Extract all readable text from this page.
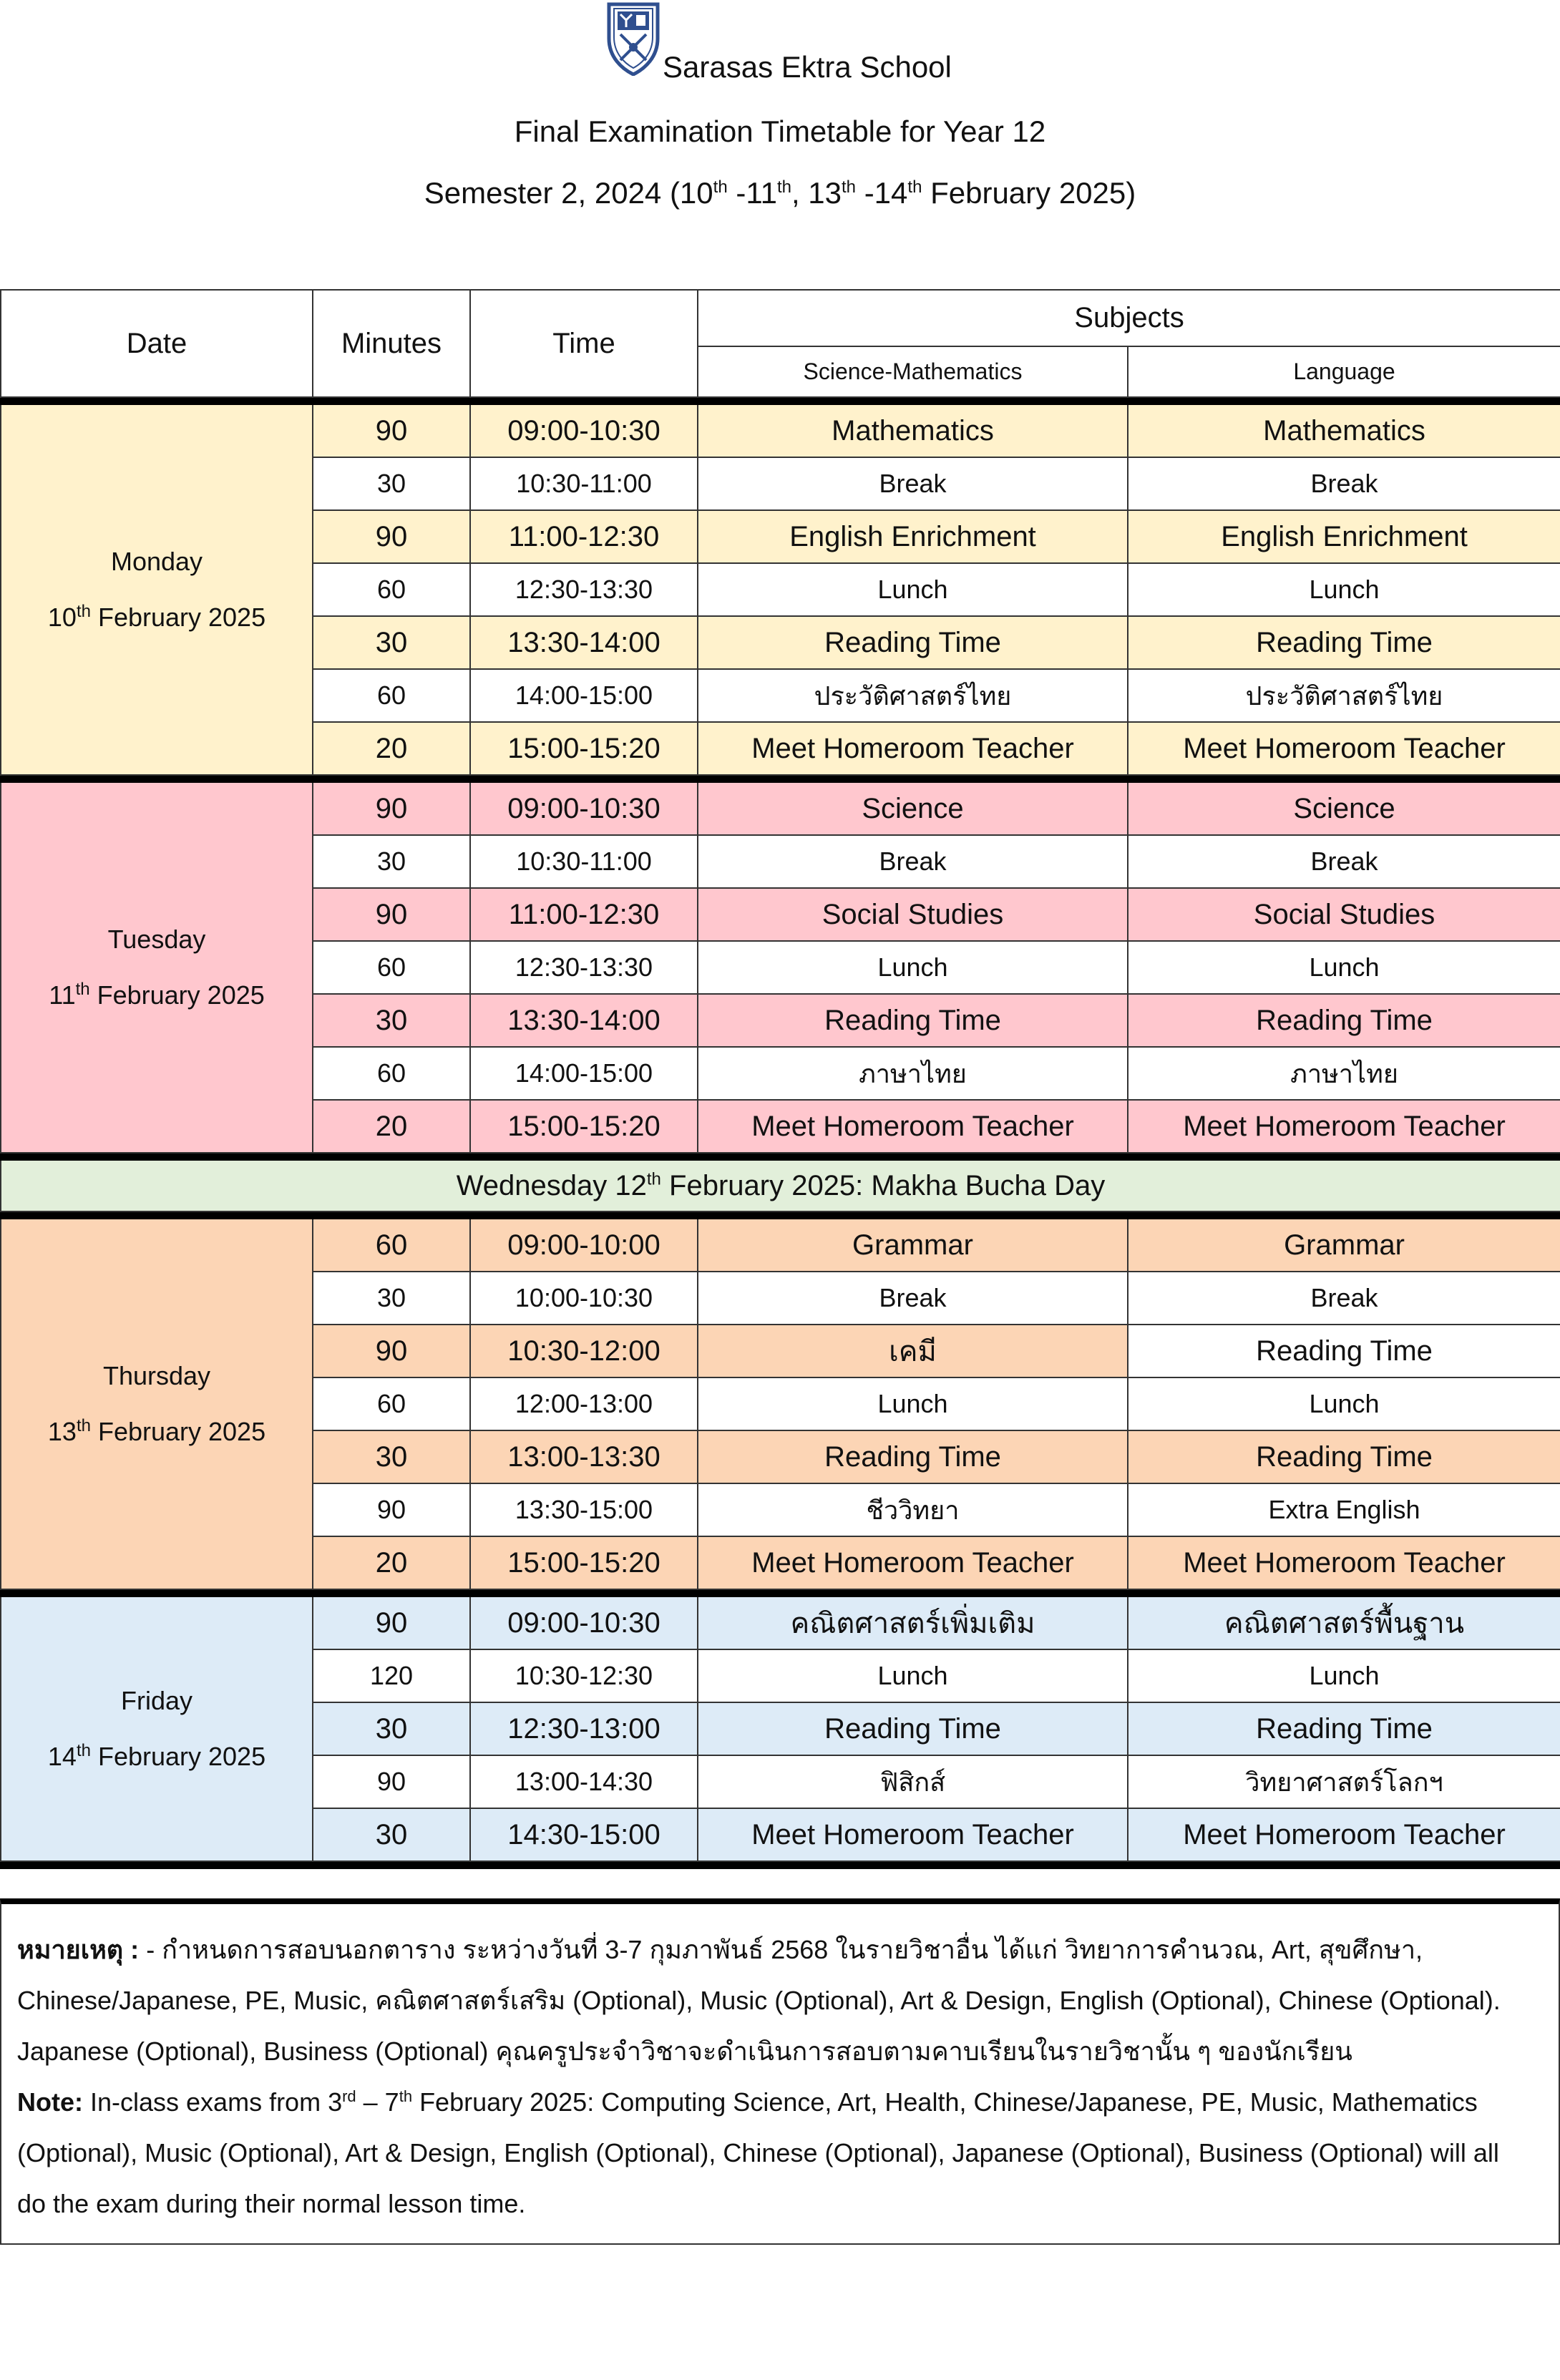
Sarasas Ektra School
Final Examination Timetable for Year 12
Semester 2, 2024 (10th -11th, 13th -14th February 2025)
Date	Minutes	Time	Subjects	
			Science-Mathematics	Language

Monday
10th February 2025	90	09:00-10:30	Mathematics	Mathematics
	30	10:30-11:00	Break	Break
	90	11:00-12:30	English Enrichment	English Enrichment
	60	12:30-13:30	Lunch	Lunch
	30	13:30-14:00	Reading Time	Reading Time
	60	14:00-15:00	ประวัติศาสตร์ไทย	ประวัติศาสตร์ไทย
	20	15:00-15:20	Meet Homeroom Teacher	Meet Homeroom Teacher

Tuesday
11th February 2025	90	09:00-10:30	Science	Science
	30	10:30-11:00	Break	Break
	90	11:00-12:30	Social Studies	Social Studies
	60	12:30-13:30	Lunch	Lunch
	30	13:30-14:00	Reading Time	Reading Time
	60	14:00-15:00	ภาษาไทย	ภาษาไทย
	20	15:00-15:20	Meet Homeroom Teacher	Meet Homeroom Teacher

Wednesday 12th February 2025: Makha Bucha Day				

Thursday
13th February 2025	60	09:00-10:00	Grammar	Grammar
	30	10:00-10:30	Break	Break
	90	10:30-12:00	เคมี	Reading Time
	60	12:00-13:00	Lunch	Lunch
	30	13:00-13:30	Reading Time	Reading Time
	90	13:30-15:00	ชีววิทยา	Extra English
	20	15:00-15:20	Meet Homeroom Teacher	Meet Homeroom Teacher

Friday
14th February 2025	90	09:00-10:30	คณิตศาสตร์เพิ่มเติม	คณิตศาสตร์พื้นฐาน
	120	10:30-12:30	Lunch	Lunch
	30	12:30-13:00	Reading Time	Reading Time
	90	13:00-14:30	ฟิสิกส์	วิทยาศาสตร์โลกฯ
	30	14:30-15:00	Meet Homeroom Teacher	Meet Homeroom Teacher

หมายเหตุ : - กำหนดการสอบนอกตาราง ระหว่างวันที่ 3-7 กุมภาพันธ์ 2568 ในรายวิชาอื่น ได้แก่ วิทยาการคำนวณ, Art, สุขศึกษา,
Chinese/Japanese, PE, Music, คณิตศาสตร์เสริม (Optional), Music (Optional), Art & Design, English (Optional), Chinese (Optional).
Japanese (Optional), Business (Optional) คุณครูประจำวิชาจะดำเนินการสอบตามคาบเรียนในรายวิชานั้น ๆ ของนักเรียน
Note: In-class exams from 3rd – 7th February 2025: Computing Science, Art, Health, Chinese/Japanese, PE, Music, Mathematics
(Optional), Music (Optional), Art & Design, English (Optional), Chinese (Optional), Japanese (Optional), Business (Optional) will all
do the exam during their normal lesson time.
